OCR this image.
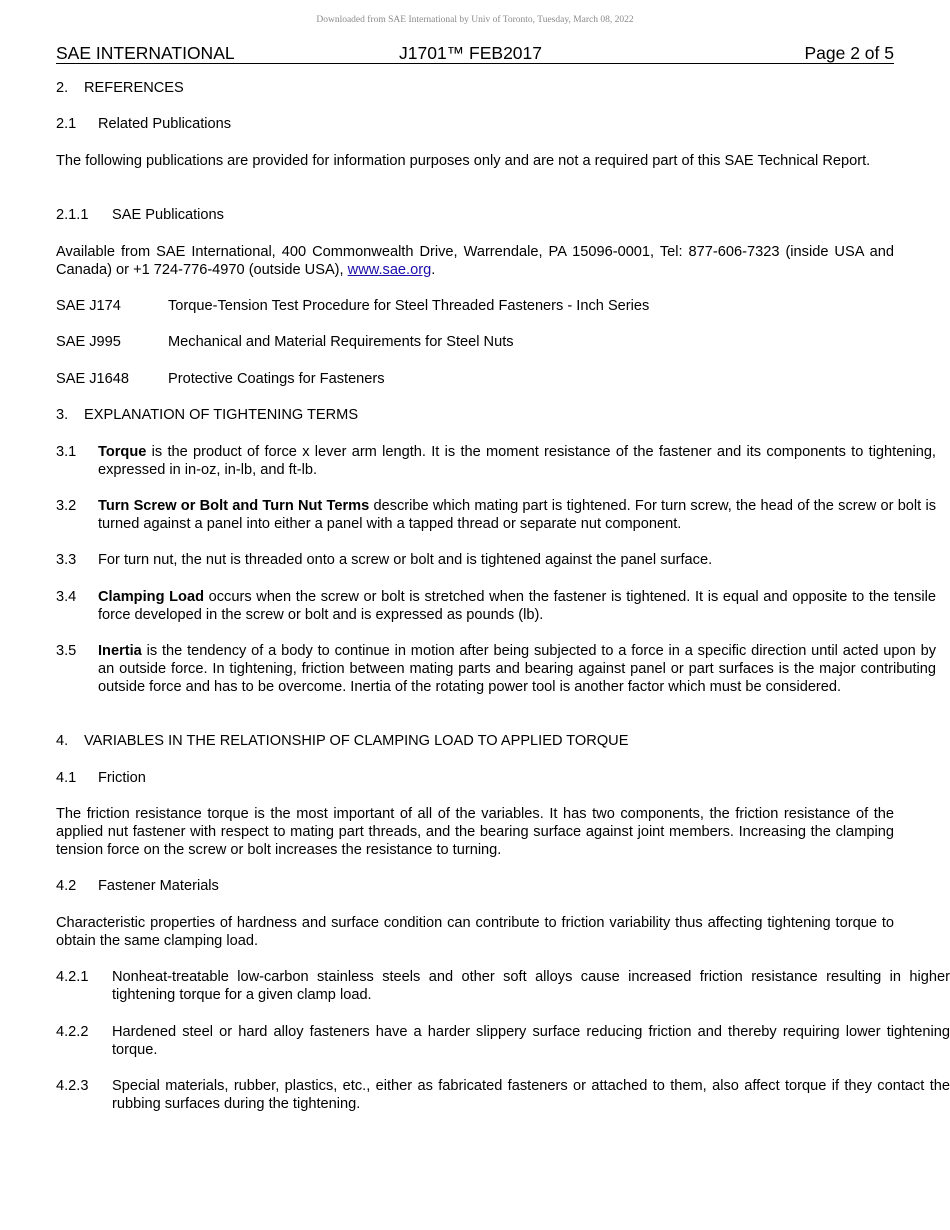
Downloaded from SAE International by Univ of Toronto, Tuesday, March 08, 2022
SAE INTERNATIONAL	J1701™ FEB2017	Page 2 of 5
2. REFERENCES
2.1 Related Publications
The following publications are provided for information purposes only and are not a required part of this SAE Technical Report.
2.1.1 SAE Publications
Available from SAE International, 400 Commonwealth Drive, Warrendale, PA 15096-0001, Tel: 877-606-7323 (inside USA and Canada) or +1 724-776-4970 (outside USA), www.sae.org.
SAE J174	Torque-Tension Test Procedure for Steel Threaded Fasteners - Inch Series
SAE J995	Mechanical and Material Requirements for Steel Nuts
SAE J1648	Protective Coatings for Fasteners
3. EXPLANATION OF TIGHTENING TERMS
3.1 Torque is the product of force x lever arm length. It is the moment resistance of the fastener and its components to tightening, expressed in in-oz, in-lb, and ft-lb.
3.2 Turn Screw or Bolt and Turn Nut Terms describe which mating part is tightened. For turn screw, the head of the screw or bolt is turned against a panel into either a panel with a tapped thread or separate nut component.
3.3 For turn nut, the nut is threaded onto a screw or bolt and is tightened against the panel surface.
3.4 Clamping Load occurs when the screw or bolt is stretched when the fastener is tightened. It is equal and opposite to the tensile force developed in the screw or bolt and is expressed as pounds (lb).
3.5 Inertia is the tendency of a body to continue in motion after being subjected to a force in a specific direction until acted upon by an outside force. In tightening, friction between mating parts and bearing against panel or part surfaces is the major contributing outside force and has to be overcome. Inertia of the rotating power tool is another factor which must be considered.
4. VARIABLES IN THE RELATIONSHIP OF CLAMPING LOAD TO APPLIED TORQUE
4.1 Friction
The friction resistance torque is the most important of all of the variables. It has two components, the friction resistance of the applied nut fastener with respect to mating part threads, and the bearing surface against joint members. Increasing the clamping tension force on the screw or bolt increases the resistance to turning.
4.2 Fastener Materials
Characteristic properties of hardness and surface condition can contribute to friction variability thus affecting tightening torque to obtain the same clamping load.
4.2.1 Nonheat-treatable low-carbon stainless steels and other soft alloys cause increased friction resistance resulting in higher tightening torque for a given clamp load.
4.2.2 Hardened steel or hard alloy fasteners have a harder slippery surface reducing friction and thereby requiring lower tightening torque.
4.2.3 Special materials, rubber, plastics, etc., either as fabricated fasteners or attached to them, also affect torque if they contact the rubbing surfaces during the tightening.
